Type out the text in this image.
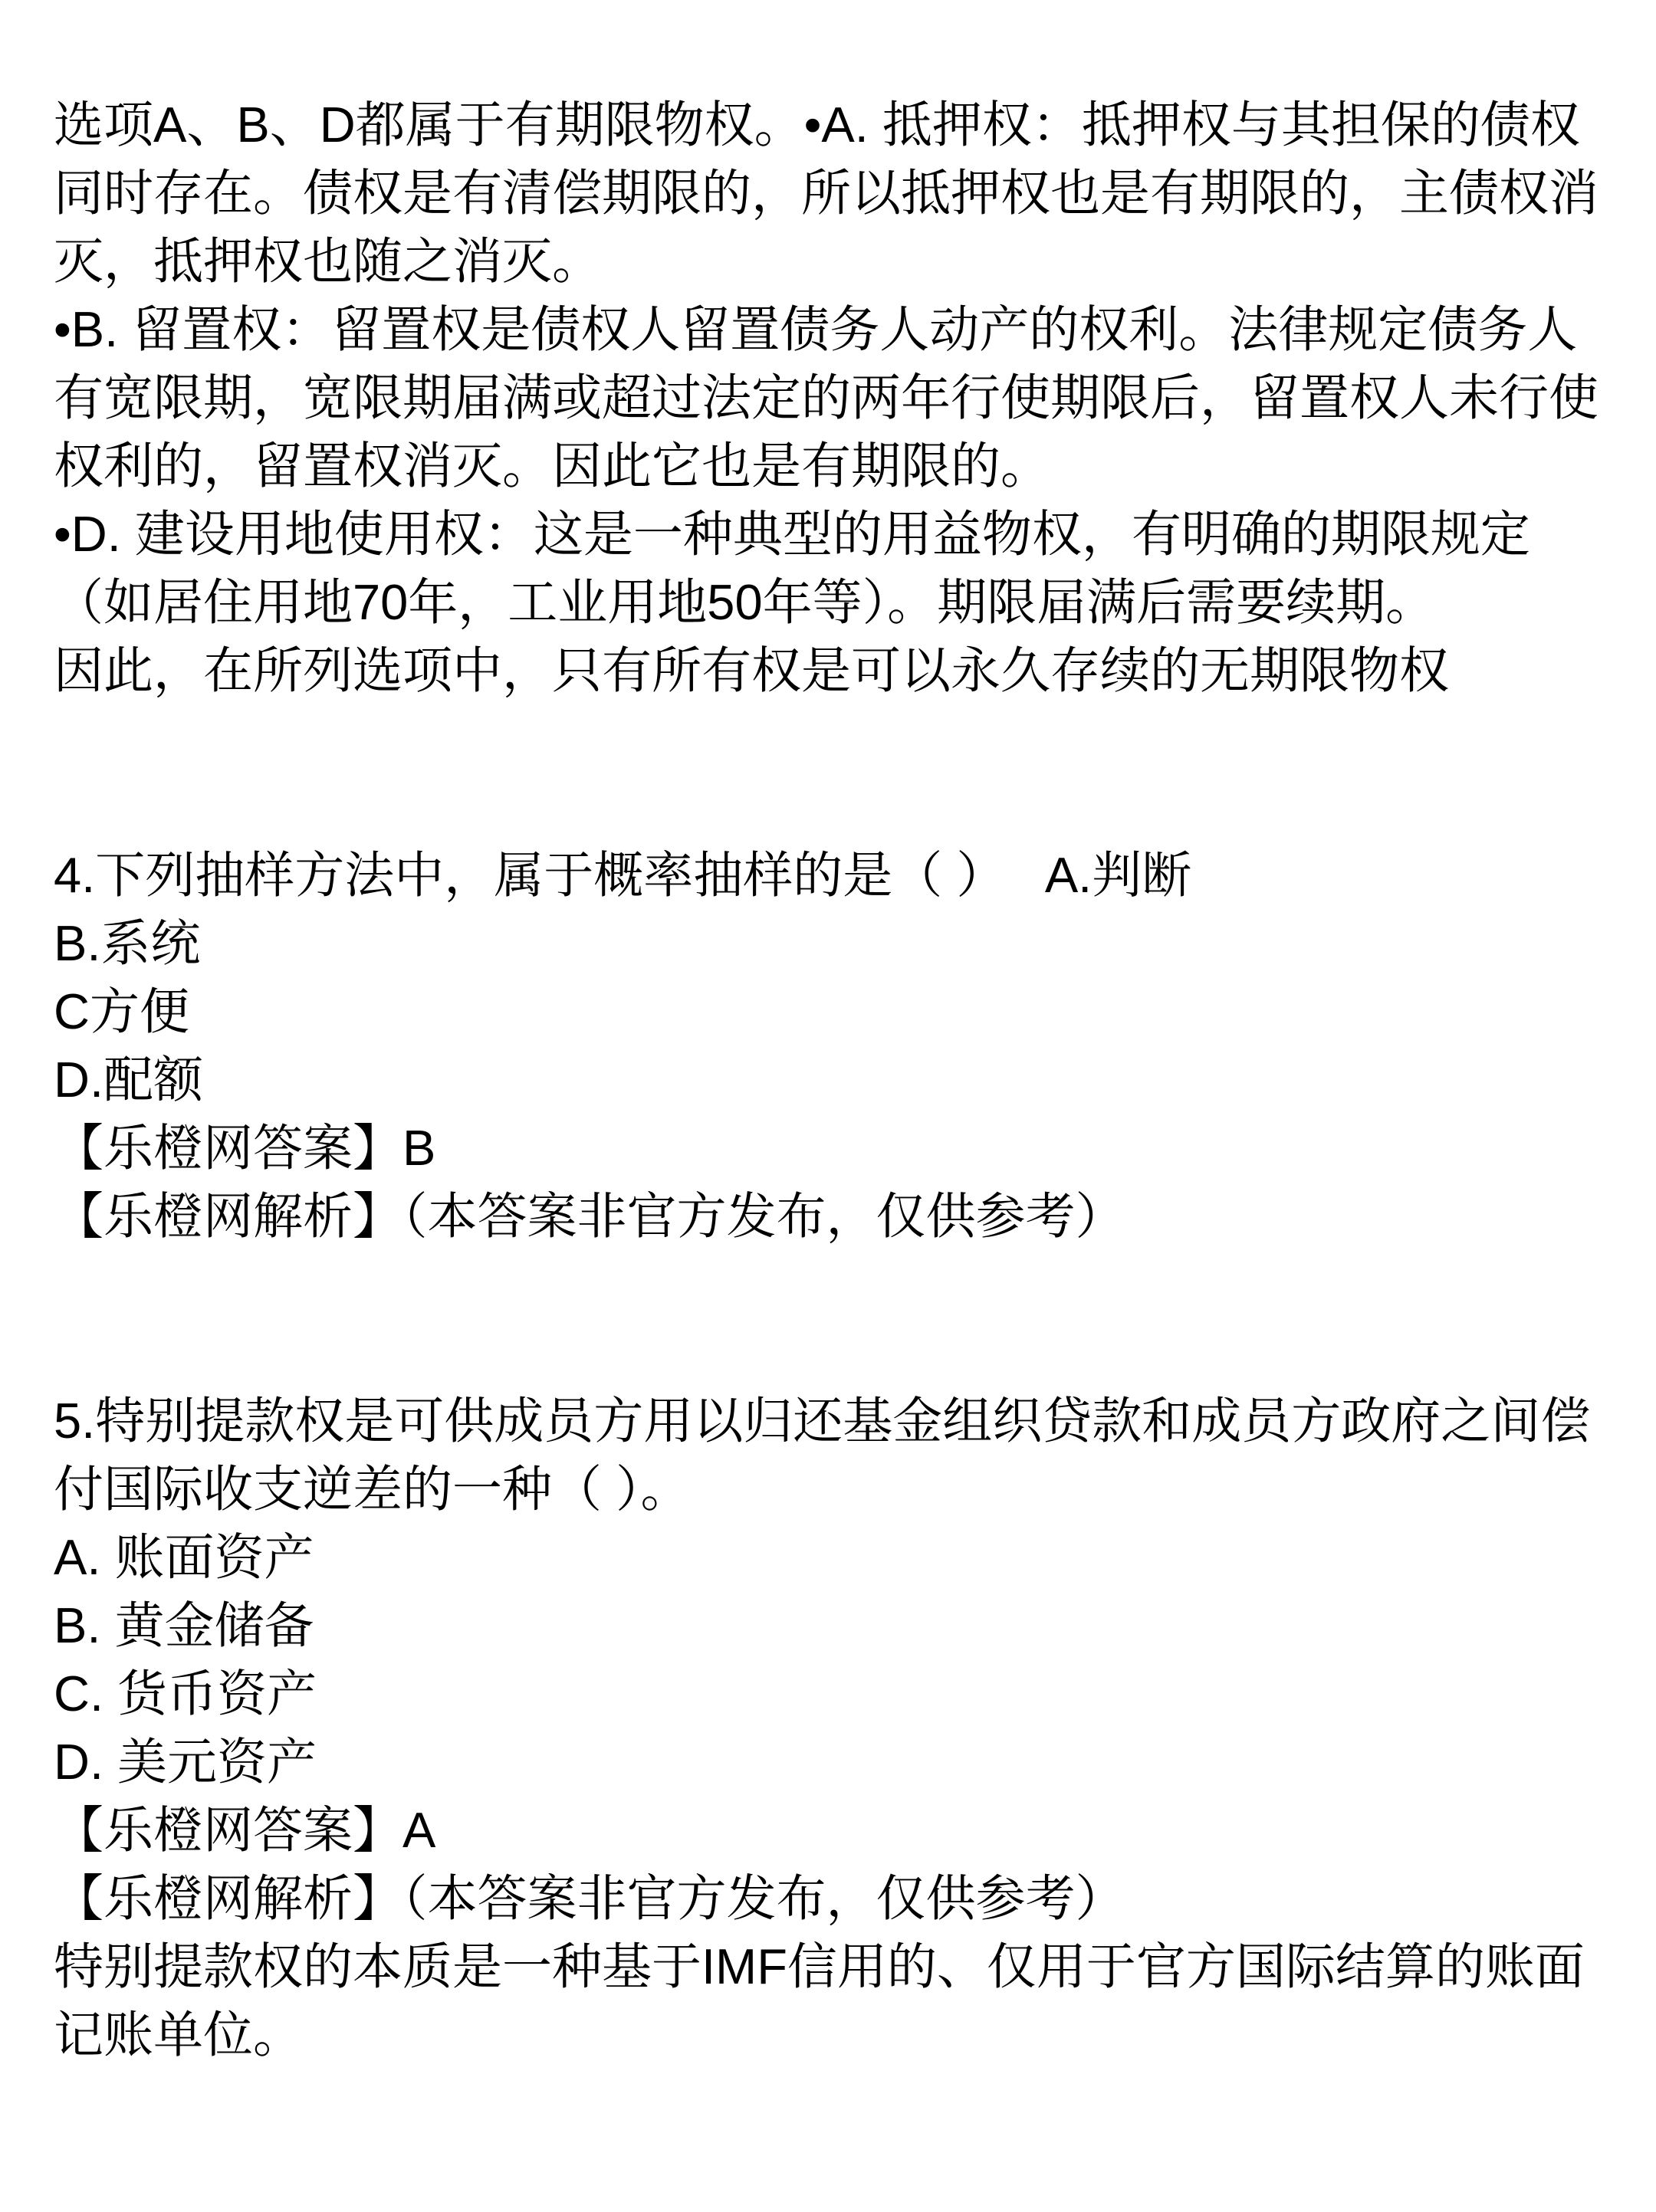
选项A、B、D都属于有期限物权。•A. 抵押权：抵押权与其担保的债权
同时存在。债权是有清偿期限的，所以抵押权也是有期限的，主债权消
灭，抵押权也随之消灭。
•B. 留置权：留置权是债权人留置债务人动产的权利。法律规定债务人
有宽限期，宽限期届满或超过法定的两年行使期限后，留置权人未行使
权利的，留置权消灭。因此它也是有期限的。
•D. 建设用地使用权：这是一种典型的用益物权，有明确的期限规定
（如居住用地70年，工业用地50年等）。期限届满后需要续期。
因此，在所列选项中，只有所有权是可以永久存续的无期限物权
4.下列抽样方法中，属于概率抽样的是（ ）　 A.判断
B.系统
C方便
D.配额
【乐橙网答案】B
【乐橙网解析】（本答案非官方发布，仅供参考）
5.特别提款权是可供成员方用以归还基金组织贷款和成员方政府之间偿
付国际收支逆差的一种（ ）。
A. 账面资产
B. 黄金储备
C. 货币资产
D. 美元资产
【乐橙网答案】A
【乐橙网解析】（本答案非官方发布，仅供参考）
特别提款权的本质是一种基于IMF信用的、仅用于官方国际结算的账面
记账单位。
